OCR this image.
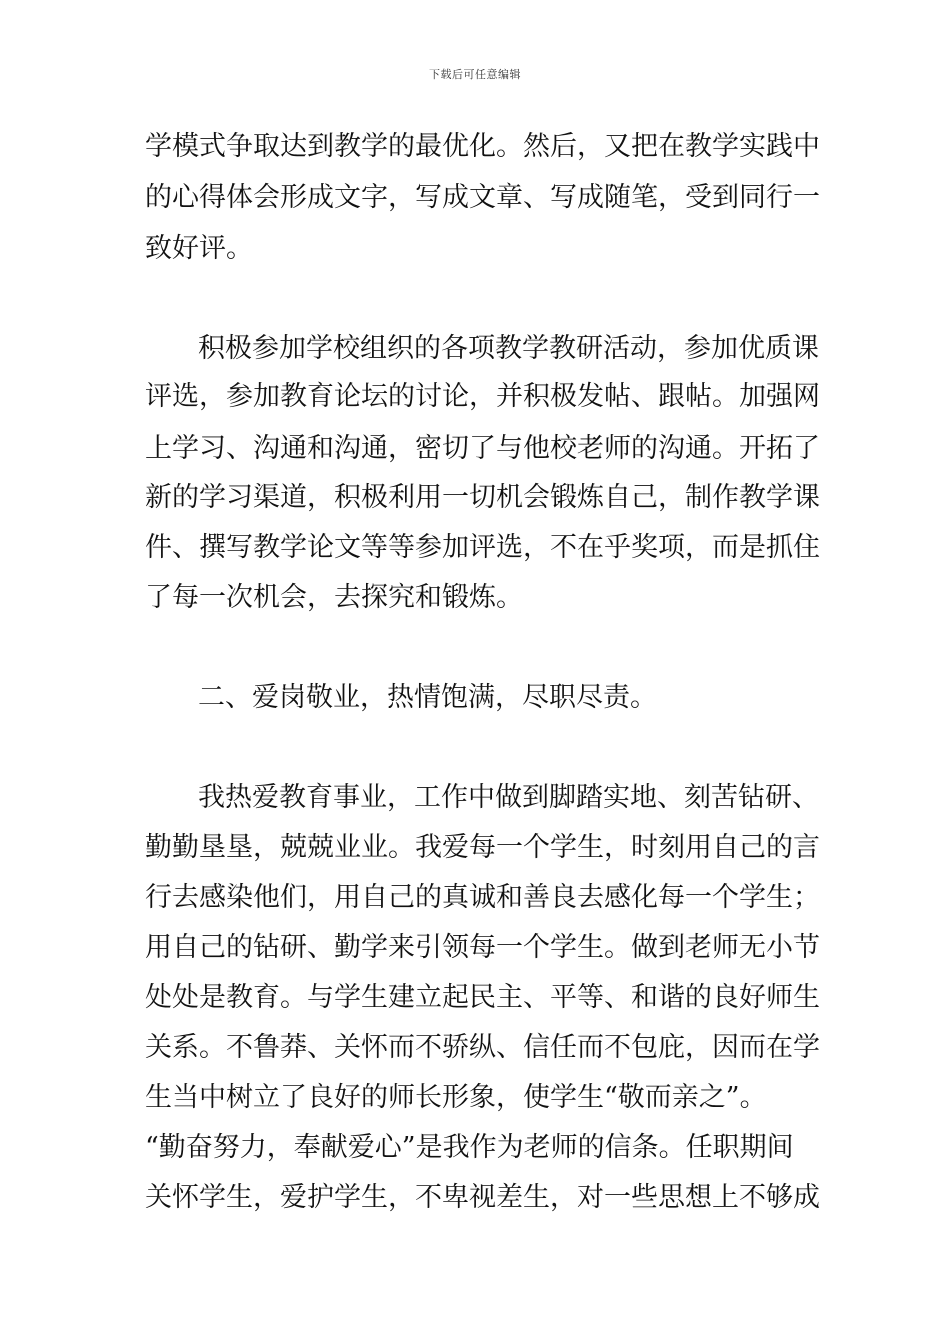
下载后可任意编辑
学模式争取达到教学的最优化。然后，又把在教学实践中
的心得体会形成文字，写成文章、写成随笔，受到同行一
致好评。
积极参加学校组织的各项教学教研活动，参加优质课
评选，参加教育论坛的讨论，并积极发帖、跟帖。加强网
上学习、沟通和沟通，密切了与他校老师的沟通。开拓了
新的学习渠道，积极利用一切机会锻炼自己，制作教学课
件、撰写教学论文等等参加评选，不在乎奖项，而是抓住
了每一次机会，去探究和锻炼。
二、爱岗敬业，热情饱满，尽职尽责。
我热爱教育事业，工作中做到脚踏实地、刻苦钻研、
勤勤垦垦，兢兢业业。我爱每一个学生，时刻用自己的言
行去感染他们，用自己的真诚和善良去感化每一个学生；
用自己的钻研、勤学来引领每一个学生。做到老师无小节
处处是教育。与学生建立起民主、平等、和谐的良好师生
关系。不鲁莽、关怀而不骄纵、信任而不包庇，因而在学
生当中树立了良好的师长形象，使学生“敬而亲之”。
“勤奋努力，奉献爱心”是我作为老师的信条。任职期间
关怀学生，爱护学生，不卑视差生，对一些思想上不够成
